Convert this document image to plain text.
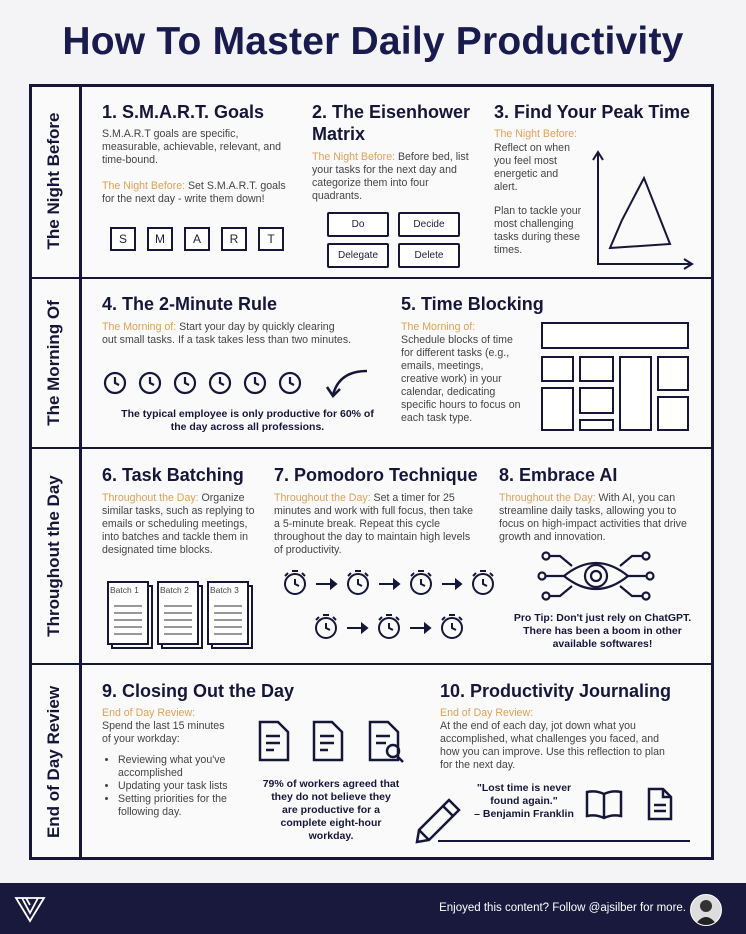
How To Master Daily Productivity
The Night Before
The Morning Of
Throughout the Day
End of Day Review
1. S.M.A.R.T. Goals
S.M.A.R.T goals are specific, measurable, achievable, relevant, and time-bound.
The Night Before: Set S.M.A.R.T. goals for the next day - write them down!
S	M	A	R	T
2. The Eisenhower
Matrix
The Night Before: Before bed, list your tasks for the next day and categorize them into four quadrants.
Do	Decide
Delegate	Delete
3. Find Your Peak Time
The Night Before:
Reflect on when you feel most energetic and alert.
Plan to tackle your most challenging tasks during these times.
4. The 2-Minute Rule
The Morning of: Start your day by quickly clearing out small tasks. If a task takes less than two minutes.
The typical employee is only productive for 60% of the day across all professions.
5. Time Blocking
The Morning of:
Schedule blocks of time for different tasks (e.g., emails, meetings, creative work) in your calendar, dedicating specific hours to focus on each task type.
6. Task Batching
Throughout the Day: Organize similar tasks, such as replying to emails or scheduling meetings, into batches and tackle them in designated time blocks.
Batch 1 Batch 2 Batch 3
7. Pomodoro Technique
Throughout the Day: Set a timer for 25 minutes and work with full focus, then take a 5-minute break. Repeat this cycle throughout the day to maintain high levels of productivity.
8. Embrace AI
Throughout the Day: With AI, you can streamline daily tasks, allowing you to focus on high-impact activities that drive growth and innovation.
Pro Tip: Don't just rely on ChatGPT. There has been a boom in other available softwares!
9. Closing Out the Day
End of Day Review:
Spend the last 15 minutes of your workday:
• Reviewing what you've accomplished
• Updating your task lists
• Setting priorities for the following day.
79% of workers agreed that they do not believe they are productive for a complete eight-hour workday.
10. Productivity Journaling
End of Day Review:
At the end of each day, jot down what you accomplished, what challenges you faced, and how you can improve. Use this reflection to plan for the next day.
"Lost time is never found again."
– Benjamin Franklin
Enjoyed this content? Follow @ajsilber for more.
